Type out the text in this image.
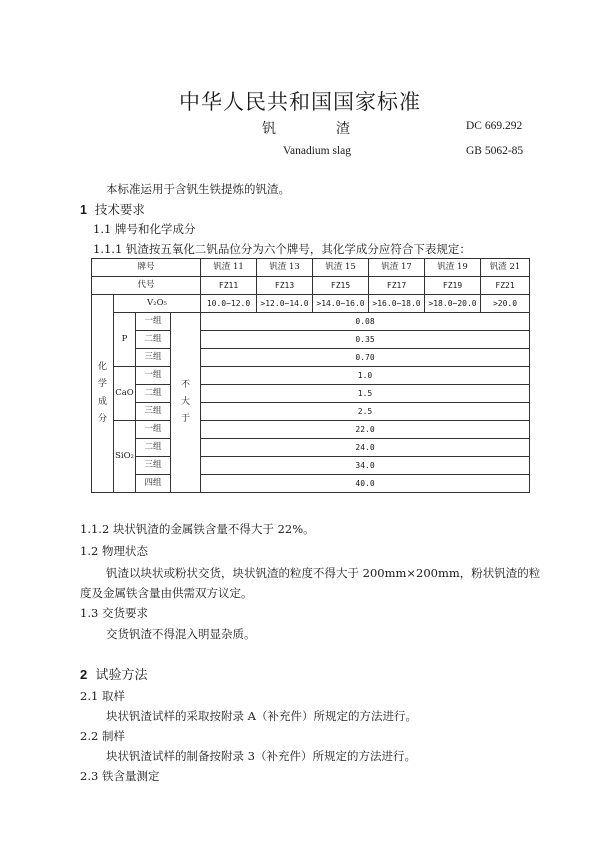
中华人民共和国国家标准
钒渣	DC 669.292
Vanadium slag	GB 5062-85
本标准运用于含钒生铁提炼的钒渣。
1 技术要求
1.1 牌号和化学成分
1.1.1 钒渣按五氧化二钒品位分为六个牌号，其化学成分应符合下表规定：
牌号				钒渣 11	钒渣 13	钒渣 15	钒渣 17	钒渣 19	钒渣 21
代号				FZ11	FZ13	FZ15	FZ17	FZ19	FZ21
化学成分	V₂O₅			10.0−12.0	>12.0−14.0	>14.0−16.0	>16.0−18.0	>18.0−20.0	>20.0
	P	一组	不大于	0.08					
		二组		0.35					
		三组		0.70					
	CaO	一组		1.0					
		二组		1.5					
		三组		2.5					
	SiO₂	一组		22.0					
		二组		24.0					
		三组		34.0					
		四组		40.0					
1.1.2 块状钒渣的金属铁含量不得大于 22%。
1.2 物理状态
钒渣以块状或粉状交货，块状钒渣的粒度不得大于 200mm×200mm，粉状钒渣的粒
度及金属铁含量由供需双方议定。
1.3 交货要求
交货钒渣不得混入明显杂质。
2 试验方法
2.1 取样
块状钒渣试样的采取按附录 A（补充件）所规定的方法进行。
2.2 制样
块状钒渣试样的制备按附录 3（补充件）所规定的方法进行。
2.3 铁含量测定
